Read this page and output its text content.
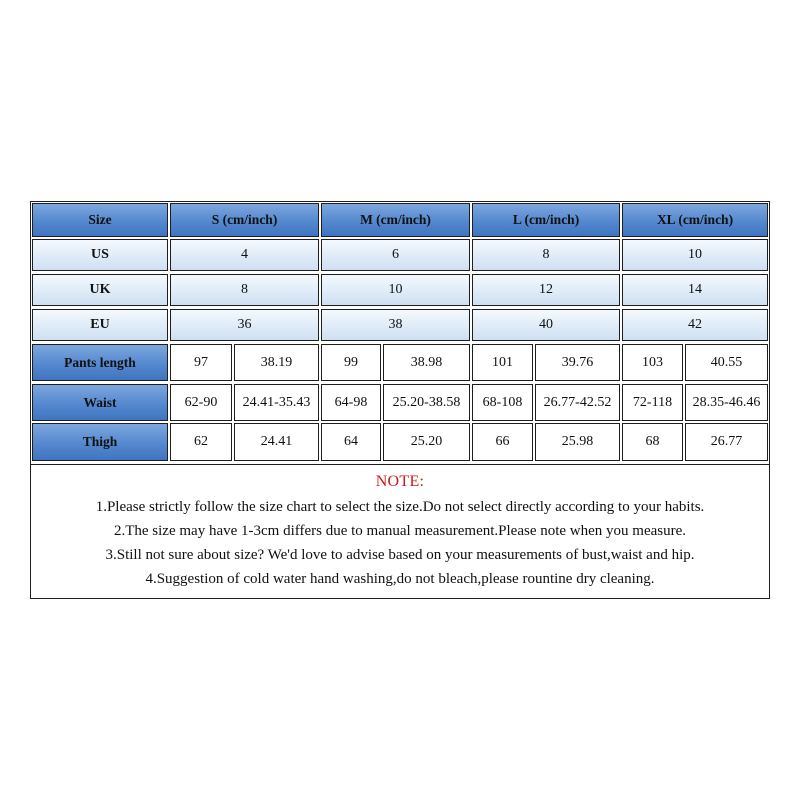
Size	S (cm/inch)	M (cm/inch)	L (cm/inch)	XL (cm/inch)
US	4	6	8	10
UK	8	10	12	14
EU	36	38	40	42
Pants length	97	38.19	99	38.98	101	39.76	103	40.55
Waist	62-90	24.41-35.43	64-98	25.20-38.58	68-108	26.77-42.52	72-118	28.35-46.46
Thigh	62	24.41	64	25.20	66	25.98	68	26.77
NOTE:
1.Please strictly follow the size chart to select the size.Do not select directly according to your habits.
2.The size may have 1-3cm differs due to manual measurement.Please note when you measure.
3.Still not sure about size? We'd love to advise based on your measurements of bust,waist and hip.
4.Suggestion of cold water hand washing,do not bleach,please rountine dry cleaning.
